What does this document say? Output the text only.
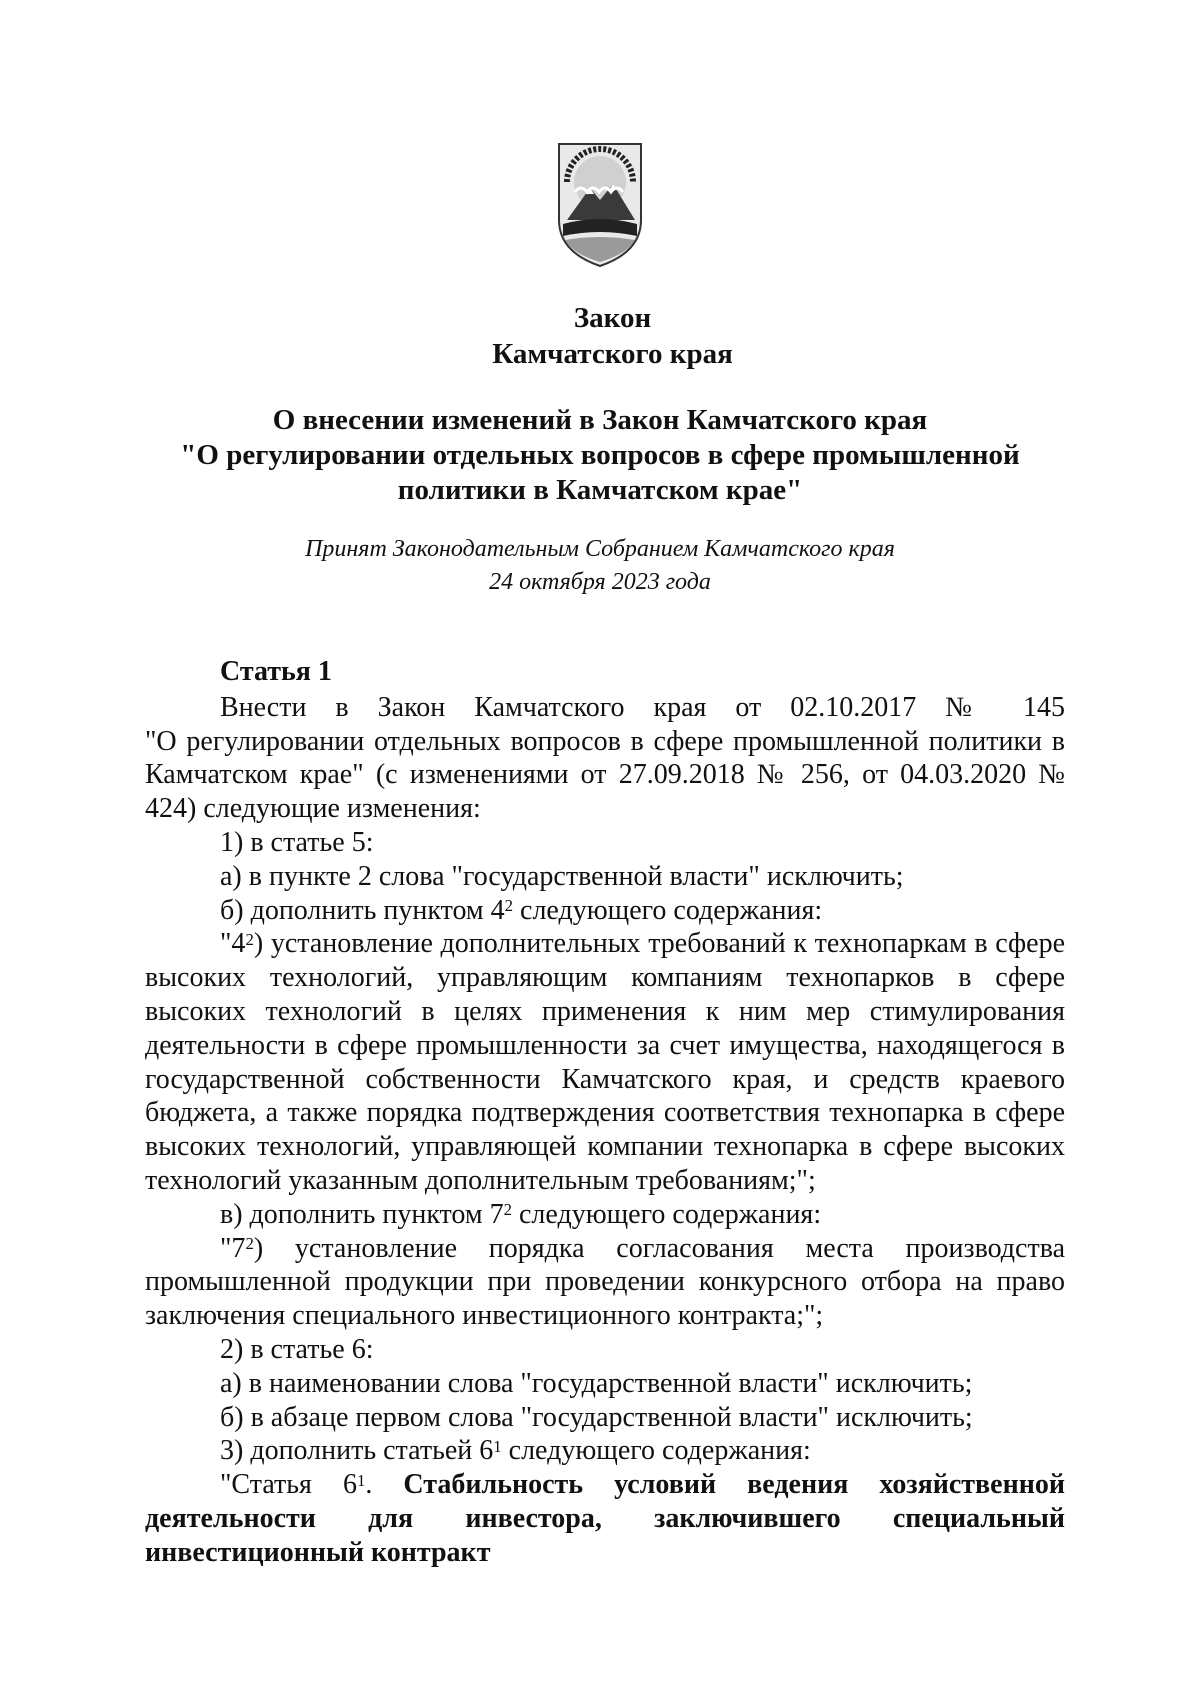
Закон
Камчатского края
О внесении изменений в Закон Камчатского края
"О регулировании отдельных вопросов в сфере промышленной
политики в Камчатском крае"
Принят Законодательным Собранием Камчатского края
24 октября 2023 года
Статья 1

Внести в Закон Камчатского края от 02.10.2017 № 145

"О регулировании отдельных вопросов в сфере промышленной политики в Камчатском крае" (с изменениями от 27.09.2018 № 256, от 04.03.2020 № 424) следующие изменения:

1) в статье 5:

а) в пункте 2 слова "государственной власти" исключить;

б) дополнить пунктом $4^2$ следующего содержания:

"$4^2$) установление дополнительных требований к технопаркам в сфере высоких технологий, управляющим компаниям технопарков в сфере высоких технологий в целях применения к ним мер стимулирования деятельности в сфере промышленности за счет имущества, находящегося в государственной собственности Камчатского края, и средств краевого бюджета, а также порядка подтверждения соответствия технопарка в сфере высоких технологий, управляющей компании технопарка в сфере высоких технологий указанным дополнительным требованиям;";

в) дополнить пунктом $7^2$ следующего содержания:

"$7^2$) установление порядка согласования места производства промышленной продукции при проведении конкурсного отбора на право заключения специального инвестиционного контракта;";

2) в статье 6:

а) в наименовании слова "государственной власти" исключить;

б) в абзаце первом слова "государственной власти" исключить;

3) дополнить статьей $6^1$ следующего содержания:

"Статья $6^1$. Стабильность условий ведения хозяйственной деятельности для инвестора, заключившего специальный инвестиционный контракт
